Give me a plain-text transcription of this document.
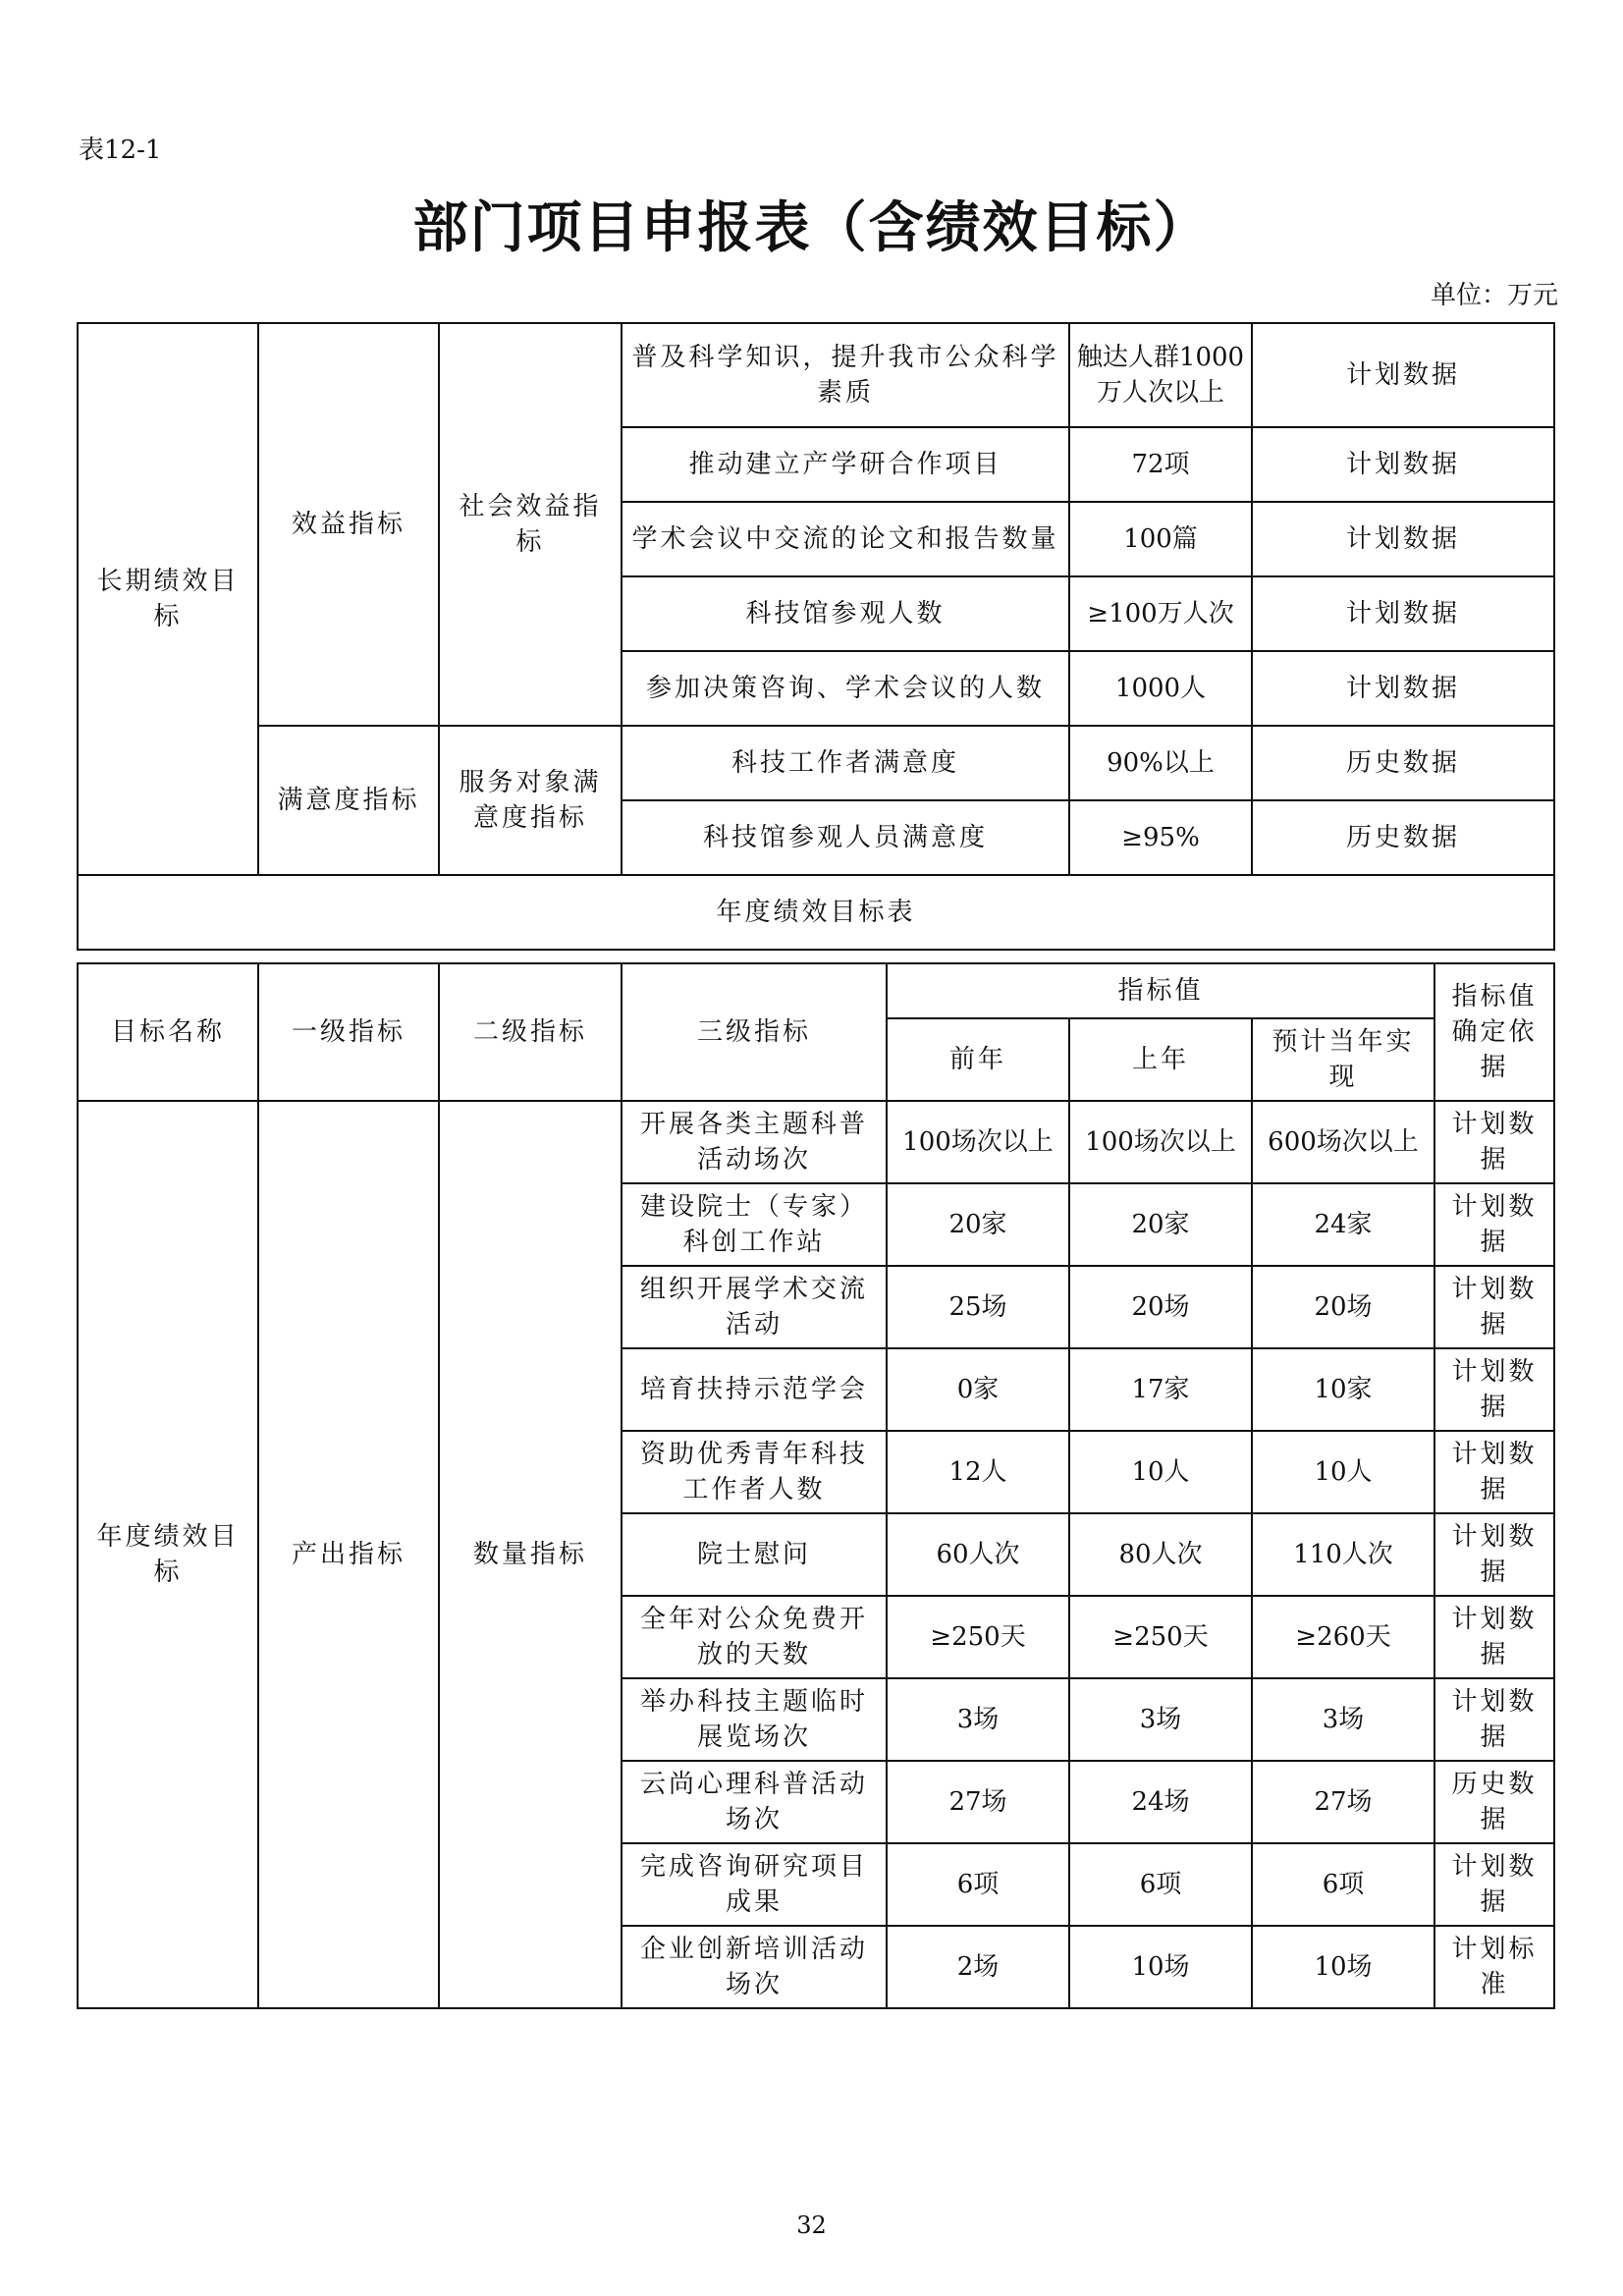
表12-1
部门项目申报表（含绩效目标）
单位：万元
长期绩效目标	效益指标	社会效益指标	普及科学知识，提升我市公众科学素质	触达人群1000万人次以上	计划数据
			推动建立产学研合作项目	72项	计划数据
			学术会议中交流的论文和报告数量	100篇	计划数据
			科技馆参观人数	≥100万人次	计划数据
			参加决策咨询、学术会议的人数	1000人	计划数据
	满意度指标	服务对象满意度指标	科技工作者满意度	90%以上	历史数据
			科技馆参观人员满意度	≥95%	历史数据
年度绩效目标表					
目标名称	一级指标	二级指标	三级指标	指标值			指标值确定依据
				前年	上年	预计当年实现	
年度绩效目标	产出指标	数量指标	开展各类主题科普活动场次	100场次以上	100场次以上	600场次以上	计划数据
			建设院士（专家）科创工作站	20家	20家	24家	计划数据
			组织开展学术交流活动	25场	20场	20场	计划数据
			培育扶持示范学会	0家	17家	10家	计划数据
			资助优秀青年科技工作者人数	12人	10人	10人	计划数据
			院士慰问	60人次	80人次	110人次	计划数据
			全年对公众免费开放的天数	≥250天	≥250天	≥260天	计划数据
			举办科技主题临时展览场次	3场	3场	3场	计划数据
			云尚心理科普活动场次	27场	24场	27场	历史数据
			完成咨询研究项目成果	6项	6项	6项	计划数据
			企业创新培训活动场次	2场	10场	10场	计划标准
32
